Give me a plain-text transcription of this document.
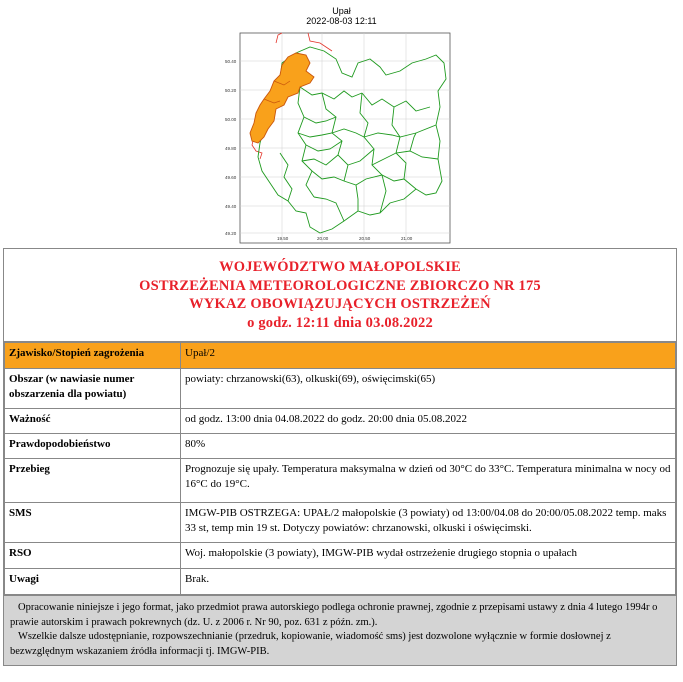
Upał
2022-08-03 12:11
50.40
50.20
50.00
49.80
49.60
49.40
49.20
19.50	20.00	20.50	21.00
WOJEWÓDZTWO MAŁOPOLSKIE
OSTRZEŻENIA METEOROLOGICZNE ZBIORCZO NR 175
WYKAZ OBOWIĄZUJĄCYCH OSTRZEŻEŃ
o godz. 12:11 dnia 03.08.2022
Zjawisko/Stopień zagrożenia	Upał/2
Obszar (w nawiasie numer obszarzenia dla powiatu)	powiaty: chrzanowski(63), olkuski(69), oświęcimski(65)
Ważność	od godz. 13:00 dnia 04.08.2022 do godz. 20:00 dnia 05.08.2022
Prawdopodobieństwo	80%
Przebieg	Prognozuje się upały. Temperatura maksymalna w dzień od 30°C do 33°C. Temperatura minimalna w nocy od 16°C do 19°C.
SMS	IMGW-PIB OSTRZEGA: UPAŁ/2 małopolskie (3 powiaty) od 13:00/04.08 do 20:00/05.08.2022 temp. maks 33 st, temp min 19 st. Dotyczy powiatów: chrzanowski, olkuski i oświęcimski.
RSO	Woj. małopolskie (3 powiaty), IMGW-PIB wydał ostrzeżenie drugiego stopnia o upałach
Uwagi	Brak.

Opracowanie niniejsze i jego format, jako przedmiot prawa autorskiego podlega ochronie prawnej, zgodnie z przepisami ustawy z dnia 4 lutego 1994r o prawie autorskim i prawach pokrewnych (dz. U. z 2006 r. Nr 90, poz. 631 z późn. zm.).

Wszelkie dalsze udostępnianie, rozpowszechnianie (przedruk, kopiowanie, wiadomość sms) jest dozwolone wyłącznie w formie dosłownej z bezwzględnym wskazaniem źródła informacji tj. IMGW-PIB.
